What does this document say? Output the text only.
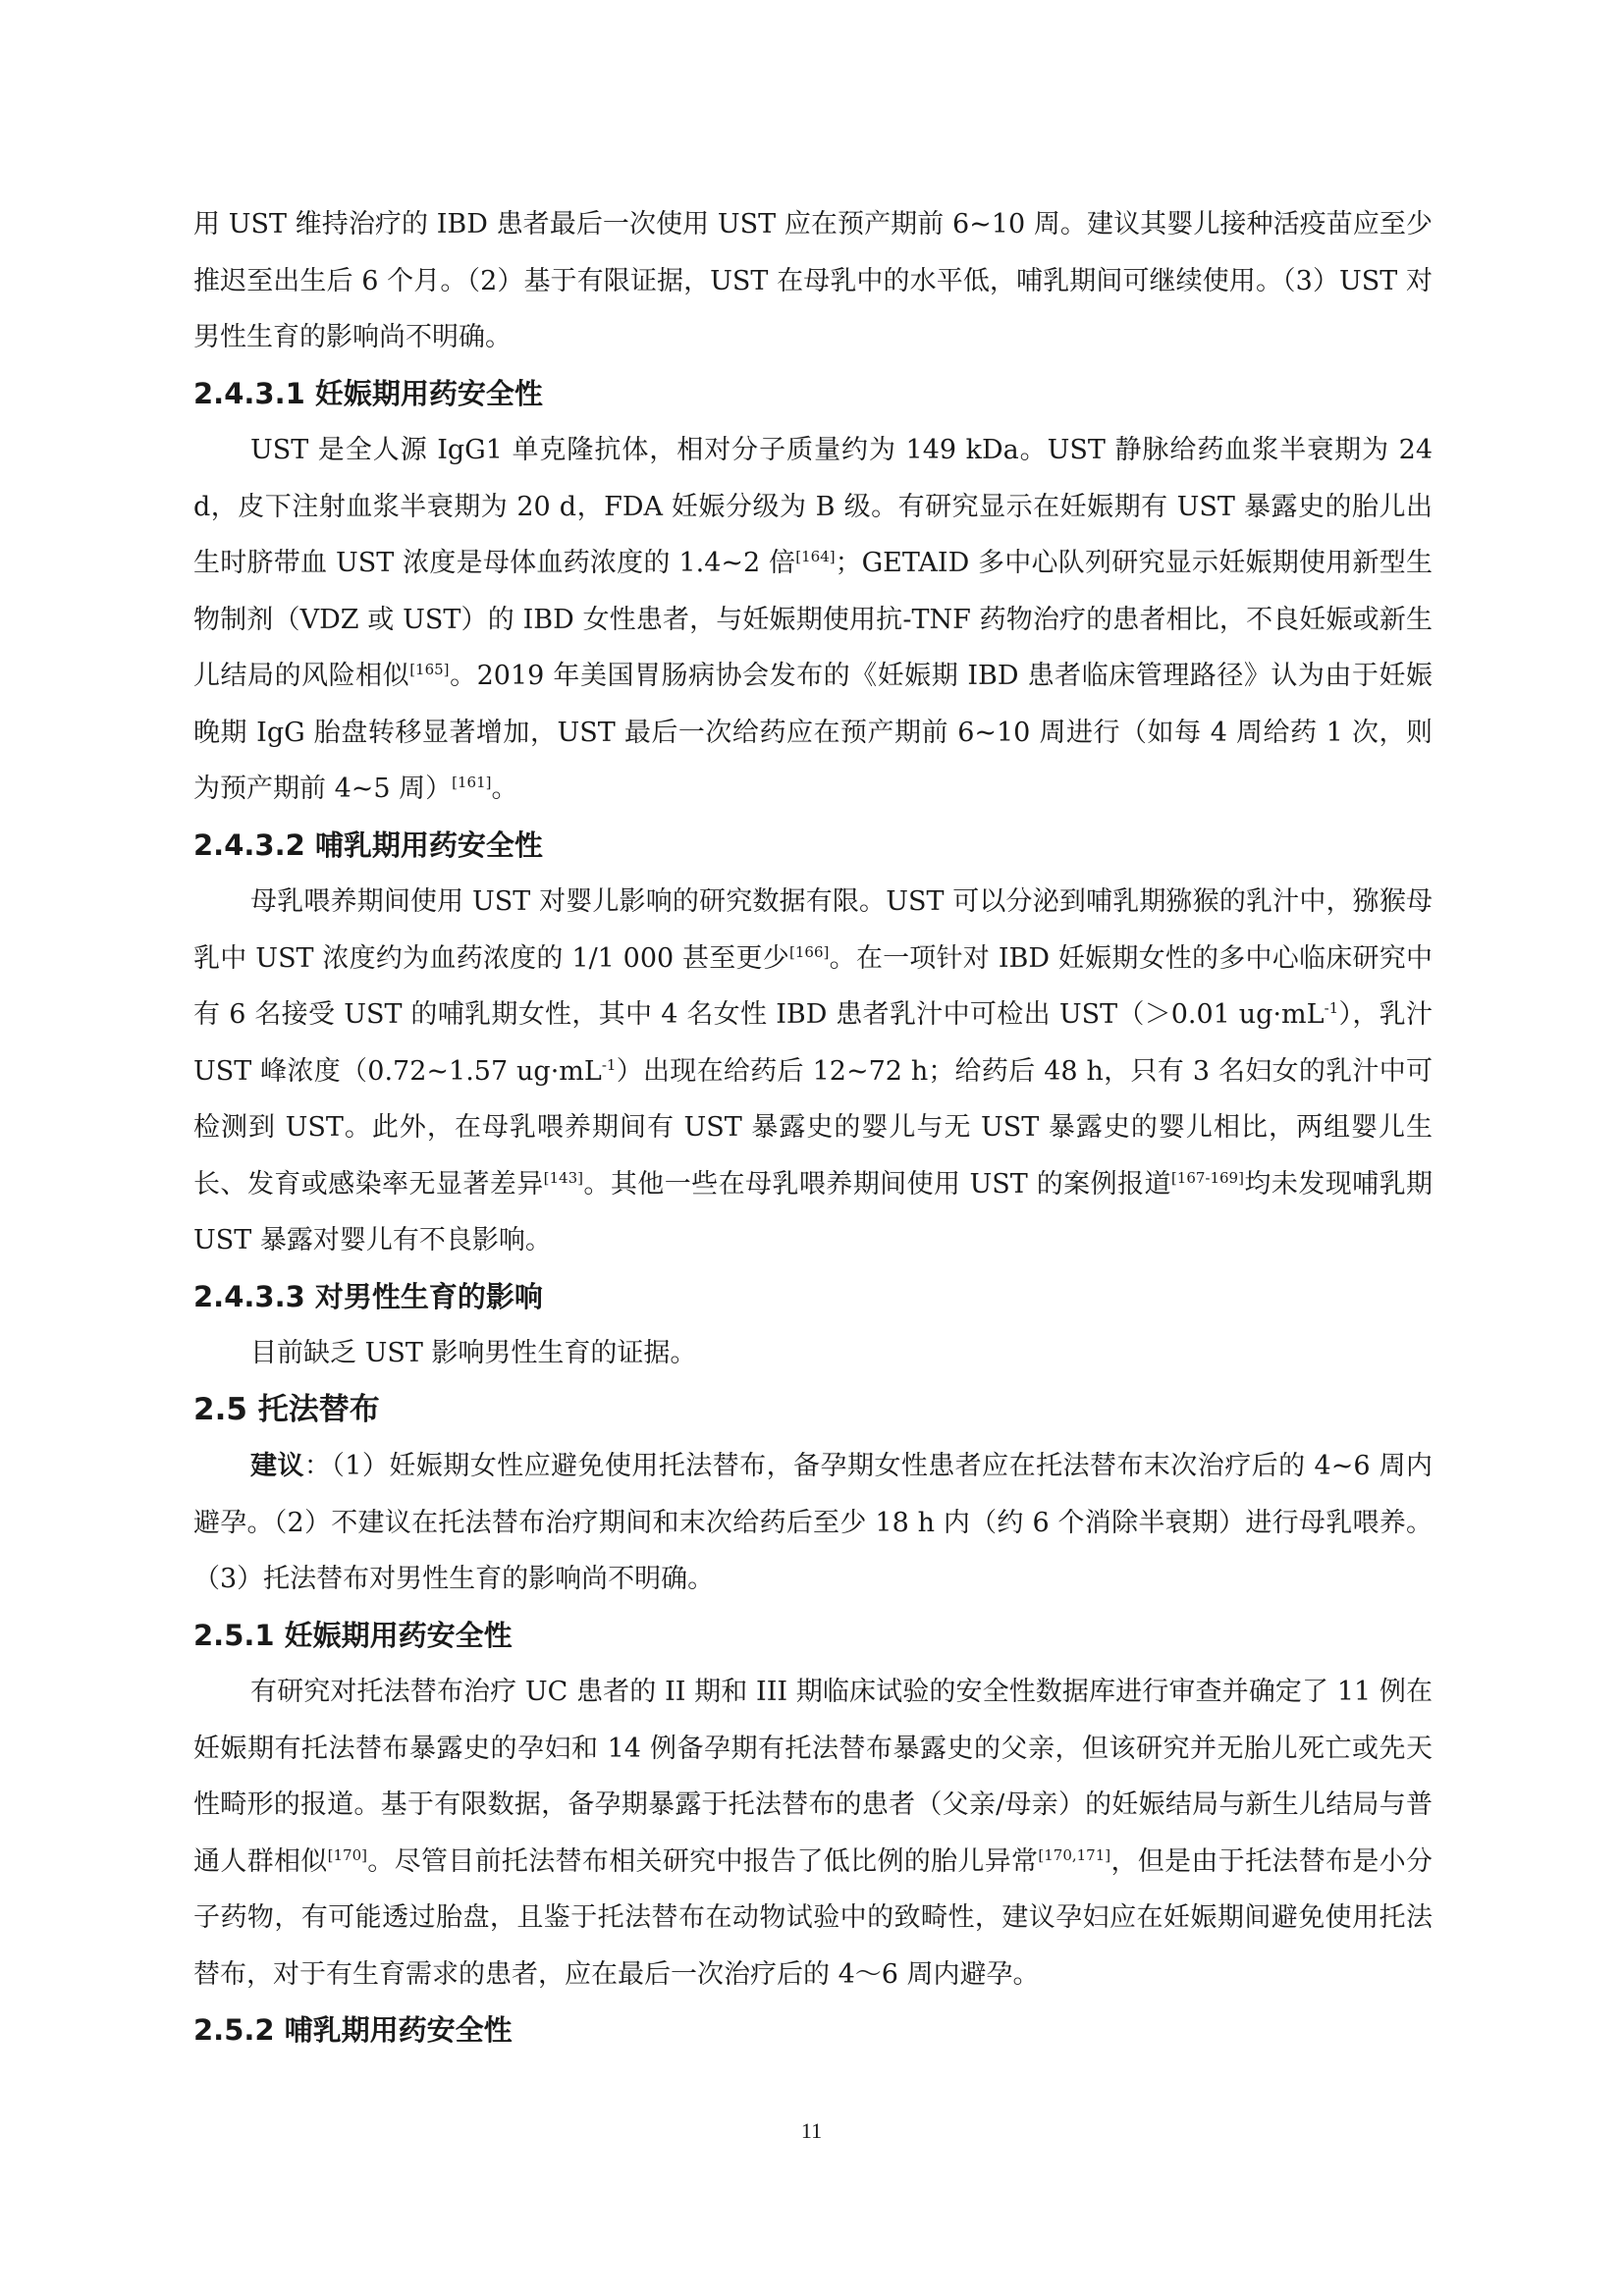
用 UST 维持治疗的 IBD 患者最后一次使用 UST 应在预产期前 6~10 周。建议其婴儿接种活疫苗应至少推迟至出生后 6 个月。（2）基于有限证据，UST 在母乳中的水平低，哺乳期间可继续使用。（3）UST 对男性生育的影响尚不明确。

2.4.3.1 妊娠期用药安全性

UST 是全人源 IgG1 单克隆抗体，相对分子质量约为 149 kDa。UST 静脉给药血浆半衰期为 24 d，皮下注射血浆半衰期为 20 d，FDA 妊娠分级为 B 级。有研究显示在妊娠期有 UST 暴露史的胎儿出生时脐带血 UST 浓度是母体血药浓度的 1.4~2 倍[164]；GETAID 多中心队列研究显示妊娠期使用新型生物制剂（VDZ 或 UST）的 IBD 女性患者，与妊娠期使用抗-TNF 药物治疗的患者相比，不良妊娠或新生儿结局的风险相似[165]。2019 年美国胃肠病协会发布的《妊娠期 IBD 患者临床管理路径》认为由于妊娠晚期 IgG 胎盘转移显著增加，UST 最后一次给药应在预产期前 6~10 周进行（如每 4 周给药 1 次，则为预产期前 4~5 周）[161]。

2.4.3.2 哺乳期用药安全性

母乳喂养期间使用 UST 对婴儿影响的研究数据有限。UST 可以分泌到哺乳期猕猴的乳汁中，猕猴母乳中 UST 浓度约为血药浓度的 1/1 000 甚至更少[166]。在一项针对 IBD 妊娠期女性的多中心临床研究中有 6 名接受 UST 的哺乳期女性，其中 4 名女性 IBD 患者乳汁中可检出 UST（＞0.01 $ug\cdot mL^{-1}$），乳汁 UST 峰浓度（0.72~1.57 $ug\cdot mL^{-1}$）出现在给药后 12~72 h；给药后 48 h，只有 3 名妇女的乳汁中可检测到 UST。此外，在母乳喂养期间有 UST 暴露史的婴儿与无 UST 暴露史的婴儿相比，两组婴儿生长、发育或感染率无显著差异[143]。其他一些在母乳喂养期间使用 UST 的案例报道[167-169]均未发现哺乳期 UST 暴露对婴儿有不良影响。

2.4.3.3 对男性生育的影响

目前缺乏 UST 影响男性生育的证据。

2.5 托法替布

建议：（1）妊娠期女性应避免使用托法替布，备孕期女性患者应在托法替布末次治疗后的 4~6 周内避孕。（2）不建议在托法替布治疗期间和末次给药后至少 18 h 内（约 6 个消除半衰期）进行母乳喂养。（3）托法替布对男性生育的影响尚不明确。

2.5.1 妊娠期用药安全性

有研究对托法替布治疗 UC 患者的 II 期和 III 期临床试验的安全性数据库进行审查并确定了 11 例在妊娠期有托法替布暴露史的孕妇和 14 例备孕期有托法替布暴露史的父亲，但该研究并无胎儿死亡或先天性畸形的报道。基于有限数据，备孕期暴露于托法替布的患者（父亲/母亲）的妊娠结局与新生儿结局与普通人群相似[170]。尽管目前托法替布相关研究中报告了低比例的胎儿异常[170,171]，但是由于托法替布是小分子药物，有可能透过胎盘，且鉴于托法替布在动物试验中的致畸性，建议孕妇应在妊娠期间避免使用托法替布，对于有生育需求的患者，应在最后一次治疗后的 4～6 周内避孕。

2.5.2 哺乳期用药安全性
11
